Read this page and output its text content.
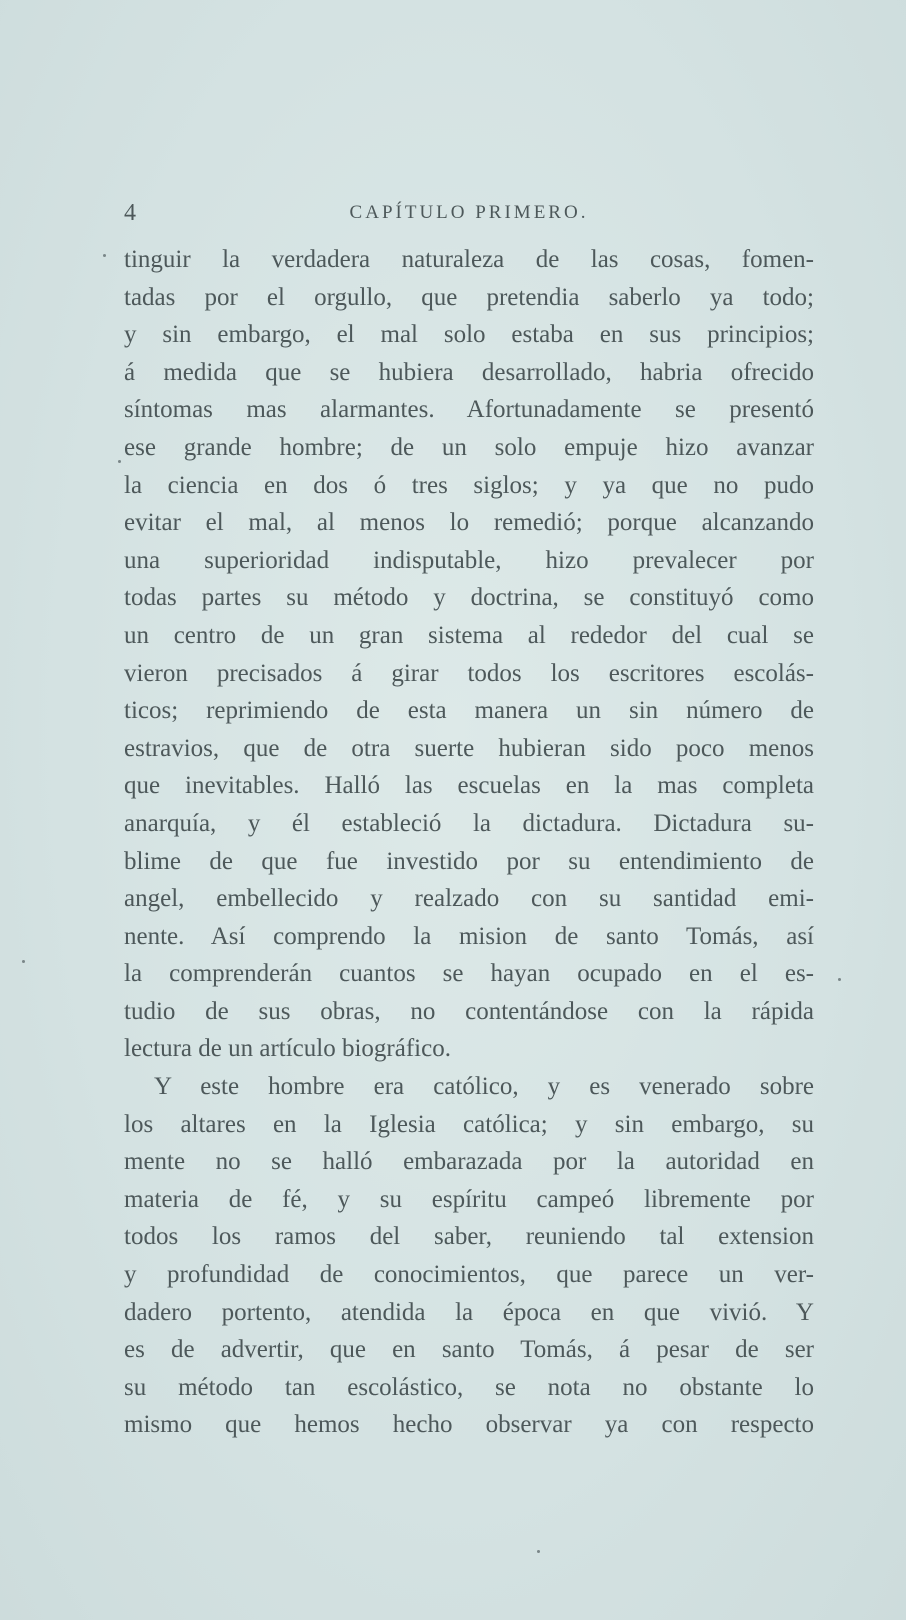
4	CAPÍTULO PRIMERO.
tinguir la verdadera naturaleza de las cosas, fomen-
tadas por el orgullo, que pretendia saberlo ya todo;
y sin embargo, el mal solo estaba en sus principios;
á medida que se hubiera desarrollado, habria ofrecido
síntomas mas alarmantes. Afortunadamente se presentó
ese grande hombre; de un solo empuje hizo avanzar
la ciencia en dos ó tres siglos; y ya que no pudo
evitar el mal, al menos lo remedió; porque alcanzando
una superioridad indisputable, hizo prevalecer por
todas partes su método y doctrina, se constituyó como
un centro de un gran sistema al rededor del cual se
vieron precisados á girar todos los escritores escolás-
ticos; reprimiendo de esta manera un sin número de
estravios, que de otra suerte hubieran sido poco menos
que inevitables. Halló las escuelas en la mas completa
anarquía, y él estableció la dictadura. Dictadura su-
blime de que fue investido por su entendimiento de
angel, embellecido y realzado con su santidad emi-
nente. Así comprendo la mision de santo Tomás, así
la comprenderán cuantos se hayan ocupado en el es-
tudio de sus obras, no contentándose con la rápida
lectura de un artículo biográfico.
Y este hombre era católico, y es venerado sobre
los altares en la Iglesia católica; y sin embargo, su
mente no se halló embarazada por la autoridad en
materia de fé, y su espíritu campeó libremente por
todos los ramos del saber, reuniendo tal extension
y profundidad de conocimientos, que parece un ver-
dadero portento, atendida la época en que vivió. Y
es de advertir, que en santo Tomás, á pesar de ser
su método tan escolástico, se nota no obstante lo
mismo que hemos hecho observar ya con respecto
